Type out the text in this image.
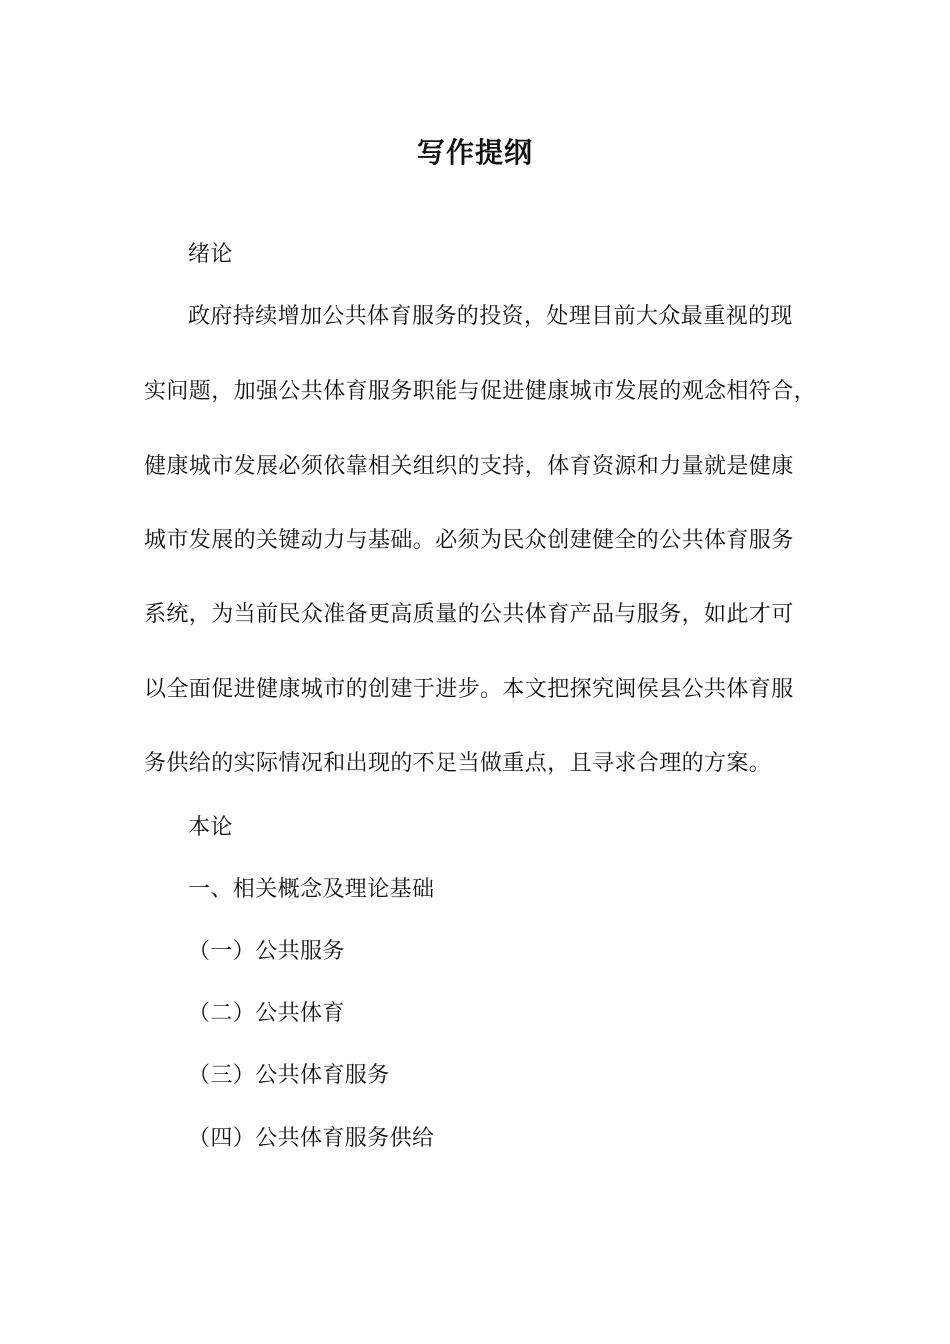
写作提纲
绪论
政府持续增加公共体育服务的投资，处理目前大众最重视的现
实问题，加强公共体育服务职能与促进健康城市发展的观念相符合，
健康城市发展必须依靠相关组织的支持，体育资源和力量就是健康
城市发展的关键动力与基础。必须为民众创建健全的公共体育服务
系统，为当前民众准备更高质量的公共体育产品与服务，如此才可
以全面促进健康城市的创建于进步。本文把探究闽侯县公共体育服
务供给的实际情况和出现的不足当做重点，且寻求合理的方案。
本论
一、相关概念及理论基础
（一）公共服务
（二）公共体育
（三）公共体育服务
（四）公共体育服务供给
